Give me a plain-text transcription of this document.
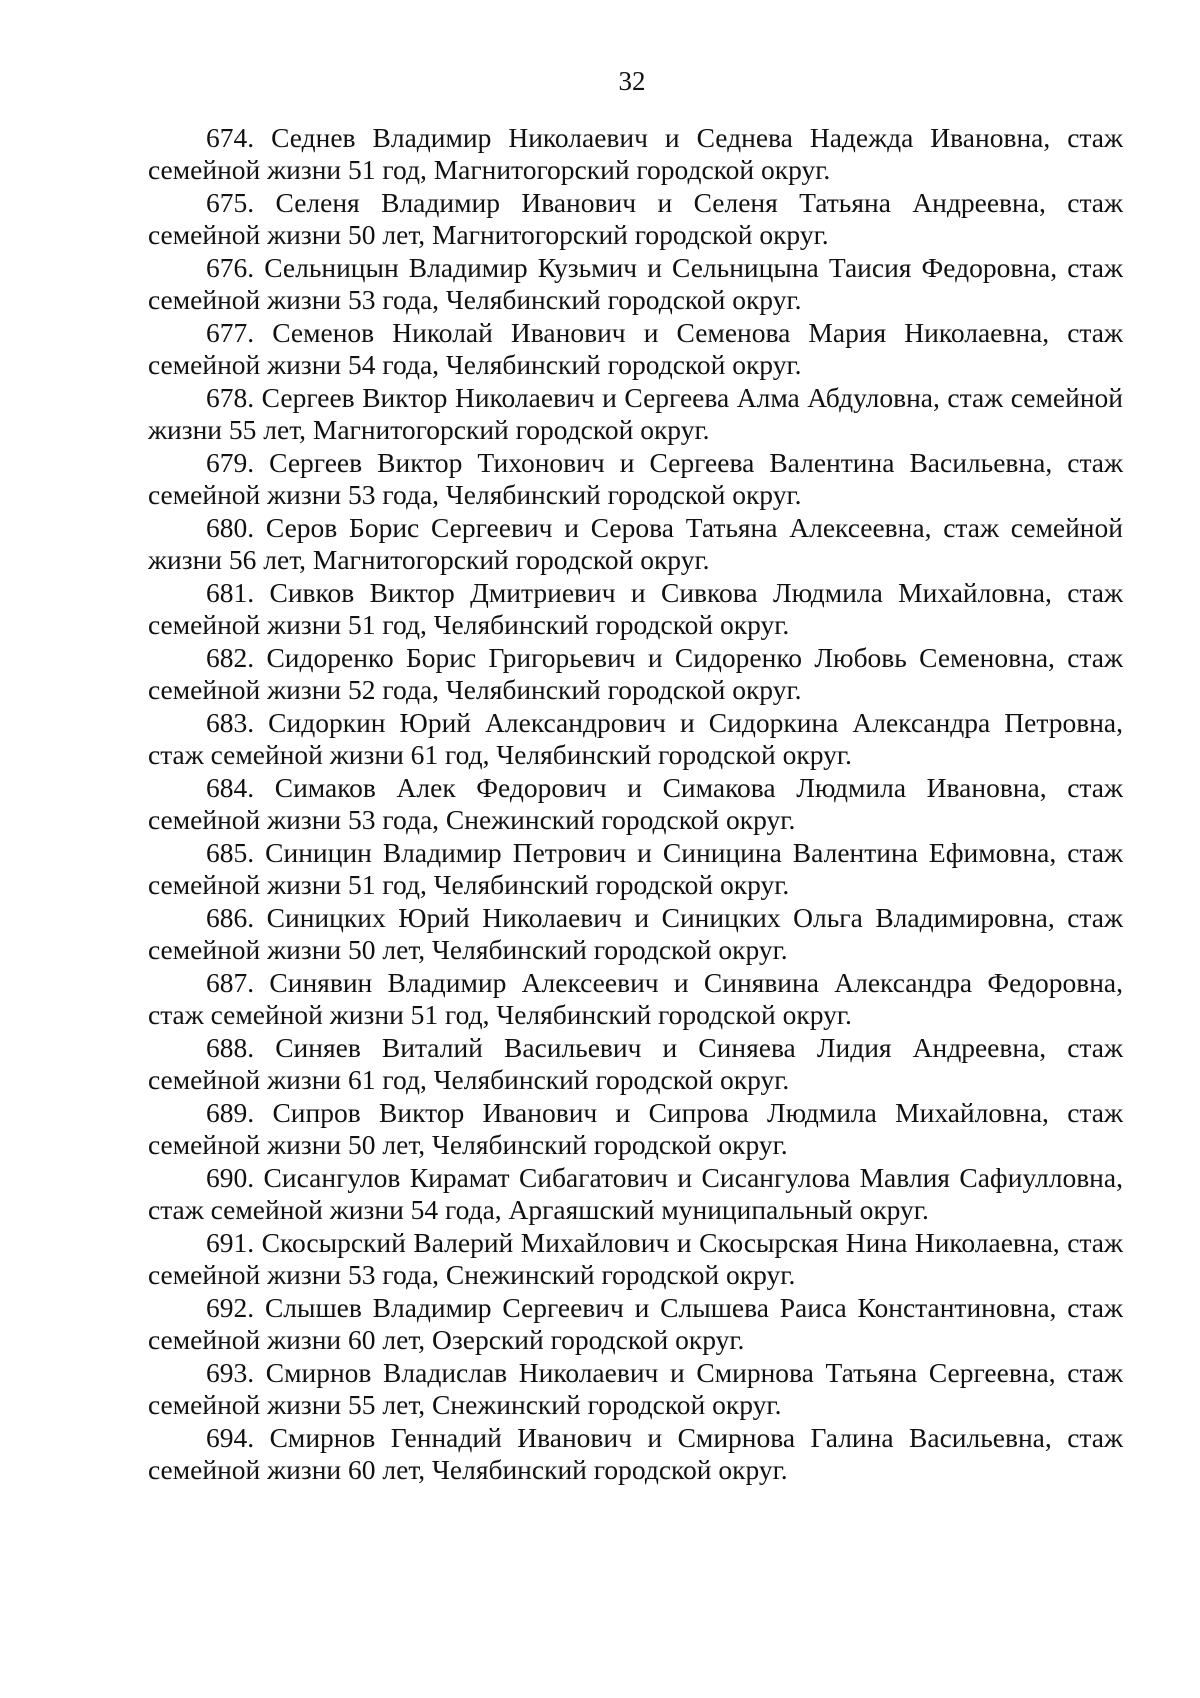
32

674. Седнев Владимир Николаевич и Седнева Надежда Ивановна, стаж семейной жизни 51 год, Магнитогорский городской округ.

675. Селеня Владимир Иванович и Селеня Татьяна Андреевна, стаж семейной жизни 50 лет, Магнитогорский городской округ.

676. Сельницын Владимир Кузьмич и Сельницына Таисия Федоровна, стаж семейной жизни 53 года, Челябинский городской округ.

677. Семенов Николай Иванович и Семенова Мария Николаевна, стаж семейной жизни 54 года, Челябинский городской округ.

678. Сергеев Виктор Николаевич и Сергеева Алма Абдуловна, стаж семейной жизни 55 лет, Магнитогорский городской округ.

679. Сергеев Виктор Тихонович и Сергеева Валентина Васильевна, стаж семейной жизни 53 года, Челябинский городской округ.

680. Серов Борис Сергеевич и Серова Татьяна Алексеевна, стаж семейной жизни 56 лет, Магнитогорский городской округ.

681. Сивков Виктор Дмитриевич и Сивкова Людмила Михайловна, стаж семейной жизни 51 год, Челябинский городской округ.

682. Сидоренко Борис Григорьевич и Сидоренко Любовь Семеновна, стаж семейной жизни 52 года, Челябинский городской округ.

683. Сидоркин Юрий Александрович и Сидоркина Александра Петровна, стаж семейной жизни 61 год, Челябинский городской округ.

684. Симаков Алек Федорович и Симакова Людмила Ивановна, стаж семейной жизни 53 года, Снежинский городской округ.

685. Синицин Владимир Петрович и Синицина Валентина Ефимовна, стаж семейной жизни 51 год, Челябинский городской округ.

686. Синицких Юрий Николаевич и Синицких Ольга Владимировна, стаж семейной жизни 50 лет, Челябинский городской округ.

687. Синявин Владимир Алексеевич и Синявина Александра Федоровна, стаж семейной жизни 51 год, Челябинский городской округ.

688. Синяев Виталий Васильевич и Синяева Лидия Андреевна, стаж семейной жизни 61 год, Челябинский городской округ.

689. Сипров Виктор Иванович и Сипрова Людмила Михайловна, стаж семейной жизни 50 лет, Челябинский городской округ.

690. Сисангулов Кирамат Сибагатович и Сисангулова Мавлия Сафиулловна, стаж семейной жизни 54 года, Аргаяшский муниципальный округ.

691. Скосырский Валерий Михайлович и Скосырская Нина Николаевна, стаж семейной жизни 53 года, Снежинский городской округ.

692. Слышев Владимир Сергеевич и Слышева Раиса Константиновна, стаж семейной жизни 60 лет, Озерский городской округ.

693. Смирнов Владислав Николаевич и Смирнова Татьяна Сергеевна, стаж семейной жизни 55 лет, Снежинский городской округ.

694. Смирнов Геннадий Иванович и Смирнова Галина Васильевна, стаж семейной жизни 60 лет, Челябинский городской округ.
